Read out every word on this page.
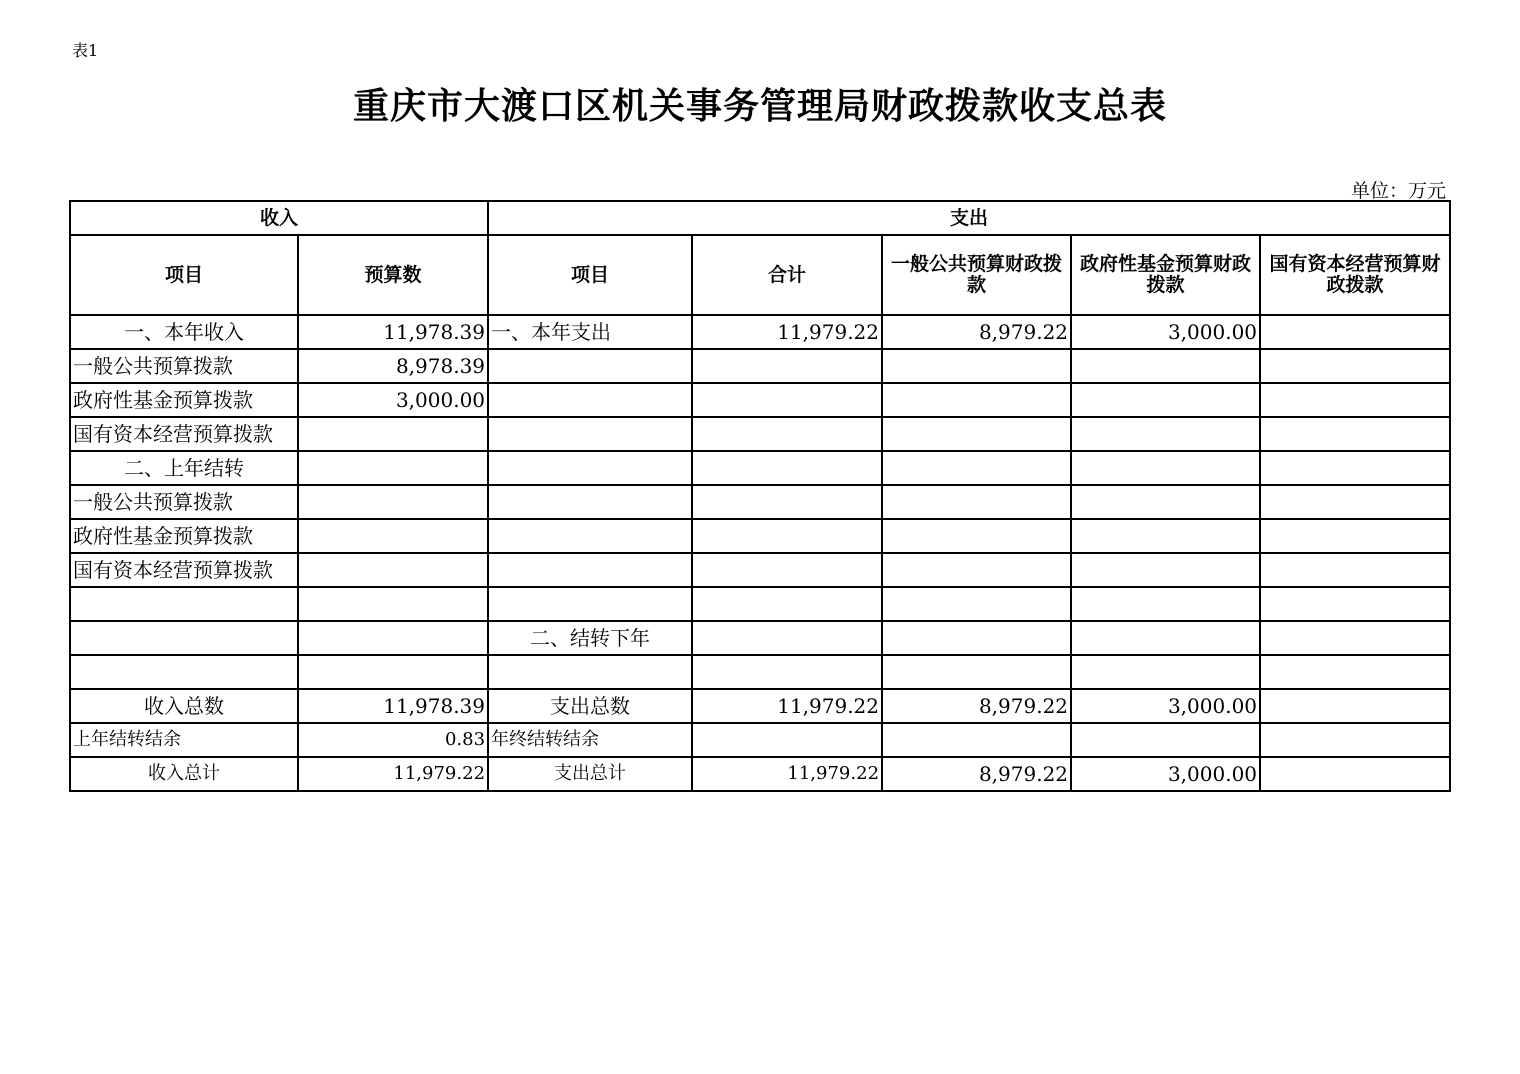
表1
重庆市大渡口区机关事务管理局财政拨款收支总表
单位：万元
收入		支出				
项目	预算数	项目	合计	一般公共预算财政拨款	政府性基金预算财政拨款	国有资本经营预算财政拨款
一、本年收入	11,978.39	一、本年支出	11,979.22	8,979.22	3,000.00	
一般公共预算拨款	8,978.39					
政府性基金预算拨款	3,000.00					
国有资本经营预算拨款						
二、上年结转						
一般公共预算拨款						
政府性基金预算拨款						
国有资本经营预算拨款						

		二、结转下年				

收入总数	11,978.39	支出总数	11,979.22	8,979.22	3,000.00	
上年结转结余	0.83	年终结转结余				
收入总计	11,979.22	支出总计	11,979.22	8,979.22	3,000.00	
